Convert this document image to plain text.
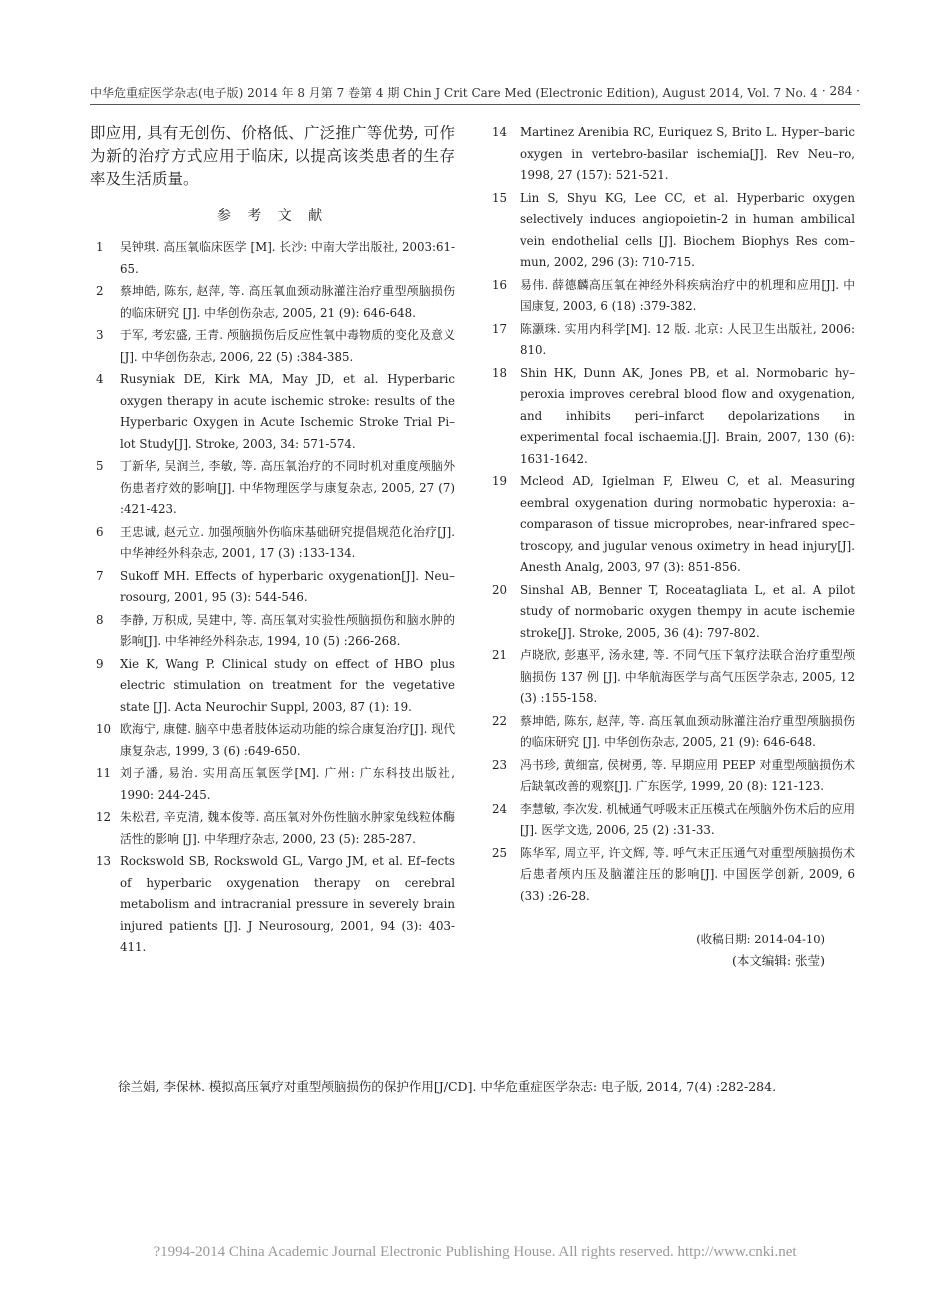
中华危重症医学杂志(电子版) 2014 年 8 月第 7 卷第 4 期 Chin J Crit Care Med (Electronic Edition), August 2014, Vol. 7 No. 4 · 284 ·

即应用, 具有无创伤、价格低、广泛推广等优势, 可作为新的治疗方式应用于临床, 以提高该类患者的生存率及生活质量。

参 考 文 献
1 吴钟琪. 高压氧临床医学 [M]. 长沙: 中南大学出版社, 2003:61-65.
2 蔡坤皓, 陈东, 赵萍, 等. 高压氧血颈动脉灌注治疗重型颅脑损伤的临床研究 [J]. 中华创伤杂志, 2005, 21 (9): 646-648.
3 于军, 考宏盛, 王青. 颅脑损伤后反应性氧中毒物质的变化及意义[J]. 中华创伤杂志, 2006, 22 (5) :384-385.
4 Rusyniak DE, Kirk MA, May JD, et al. Hyperbaric oxygen therapy in acute ischemic stroke: results of the Hyperbaric Oxygen in Acute Ischemic Stroke Trial Pi–lot Study[J]. Stroke, 2003, 34: 571-574.
5 丁新华, 吴润兰, 李敏, 等. 高压氧治疗的不同时机对重度颅脑外伤患者疗效的影响[J]. 中华物理医学与康复杂志, 2005, 27 (7) :421-423.
6 王忠诚, 赵元立. 加强颅脑外伤临床基础研究提倡规范化治疗[J]. 中华神经外科杂志, 2001, 17 (3) :133-134.
7 Sukoff MH. Effects of hyperbaric oxygenation[J]. Neu–rosourg, 2001, 95 (3): 544-546.
8 李静, 万积成, 吴建中, 等. 高压氧对实验性颅脑损伤和脑水肿的影响[J]. 中华神经外科杂志, 1994, 10 (5) :266-268.
9 Xie K, Wang P. Clinical study on effect of HBO plus electric stimulation on treatment for the vegetative state [J]. Acta Neurochir Suppl, 2003, 87 (1): 19.
10 欧海宁, 康健. 脑卒中患者肢体运动功能的综合康复治疗[J]. 现代康复杂志, 1999, 3 (6) :649-650.
11 刘子潘, 易治. 实用高压氧医学[M]. 广州: 广东科技出版社, 1990: 244-245.
12 朱松君, 辛克清, 魏本俊等. 高压氧对外伤性脑水肿家兔线粒体酶活性的影响 [J]. 中华理疗杂志, 2000, 23 (5): 285-287.
13 Rockswold SB, Rockswold GL, Vargo JM, et al. Ef–fects of hyperbaric oxygenation therapy on cerebral metabolism and intracranial pressure in severely brain injured patients [J]. J Neurosourg, 2001, 94 (3): 403-411.
14 Martinez Arenibia RC, Euriquez S, Brito L. Hyper–baric oxygen in vertebro-basilar ischemia[J]. Rev Neu–ro, 1998, 27 (157): 521-521.
15 Lin S, Shyu KG, Lee CC, et al. Hyperbaric oxygen selectively induces angiopoietin-2 in human ambilical vein endothelial cells [J]. Biochem Biophys Res com–mun, 2002, 296 (3): 710-715.
16 易伟. 薛德麟高压氧在神经外科疾病治疗中的机理和应用[J]. 中国康复, 2003, 6 (18) :379-382.
17 陈灏珠. 实用内科学[M]. 12 版. 北京: 人民卫生出版社, 2006: 810.
18 Shin HK, Dunn AK, Jones PB, et al. Normobaric hy–peroxia improves cerebral blood flow and oxygenation, and inhibits peri–infarct depolarizations in experimental focal ischaemia.[J]. Brain, 2007, 130 (6): 1631-1642.
19 Mcleod AD, Igielman F, Elweu C, et al. Measuring eembral oxygenation during normobatic hyperoxia: a–comparason of tissue microprobes, near-infrared spec–troscopy, and jugular venous oximetry in head injury[J]. Anesth Analg, 2003, 97 (3): 851-856.
20 Sinshal AB, Benner T, Roceatagliata L, et al. A pilot study of normobaric oxygen thempy in acute ischemie stroke[J]. Stroke, 2005, 36 (4): 797-802.
21 卢晓欣, 彭惠平, 汤永建, 等. 不同气压下氧疗法联合治疗重型颅脑损伤 137 例 [J]. 中华航海医学与高气压医学杂志, 2005, 12 (3) :155-158.
22 蔡坤皓, 陈东, 赵萍, 等. 高压氧血颈动脉灌注治疗重型颅脑损伤的临床研究 [J]. 中华创伤杂志, 2005, 21 (9): 646-648.
23 冯书珍, 黄细富, 侯树勇, 等. 早期应用 PEEP 对重型颅脑损伤术后缺氧改善的观察[J]. 广东医学, 1999, 20 (8): 121-123.
24 李慧敏, 李次发. 机械通气呼吸末正压模式在颅脑外伤术后的应用[J]. 医学文选, 2006, 25 (2) :31-33.
25 陈华军, 周立平, 许文辉, 等. 呼气末正压通气对重型颅脑损伤术后患者颅内压及脑灌注压的影响[J]. 中国医学创新, 2009, 6 (33) :26-28.
(收稿日期: 2014-04-10)
(本文编辑: 张莹)
徐兰娟, 李保林. 模拟高压氧疗对重型颅脑损伤的保护作用[J/CD]. 中华危重症医学杂志: 电子版, 2014, 7(4) :282-284.
?1994-2014 China Academic Journal Electronic Publishing House. All rights reserved. http://www.cnki.net
